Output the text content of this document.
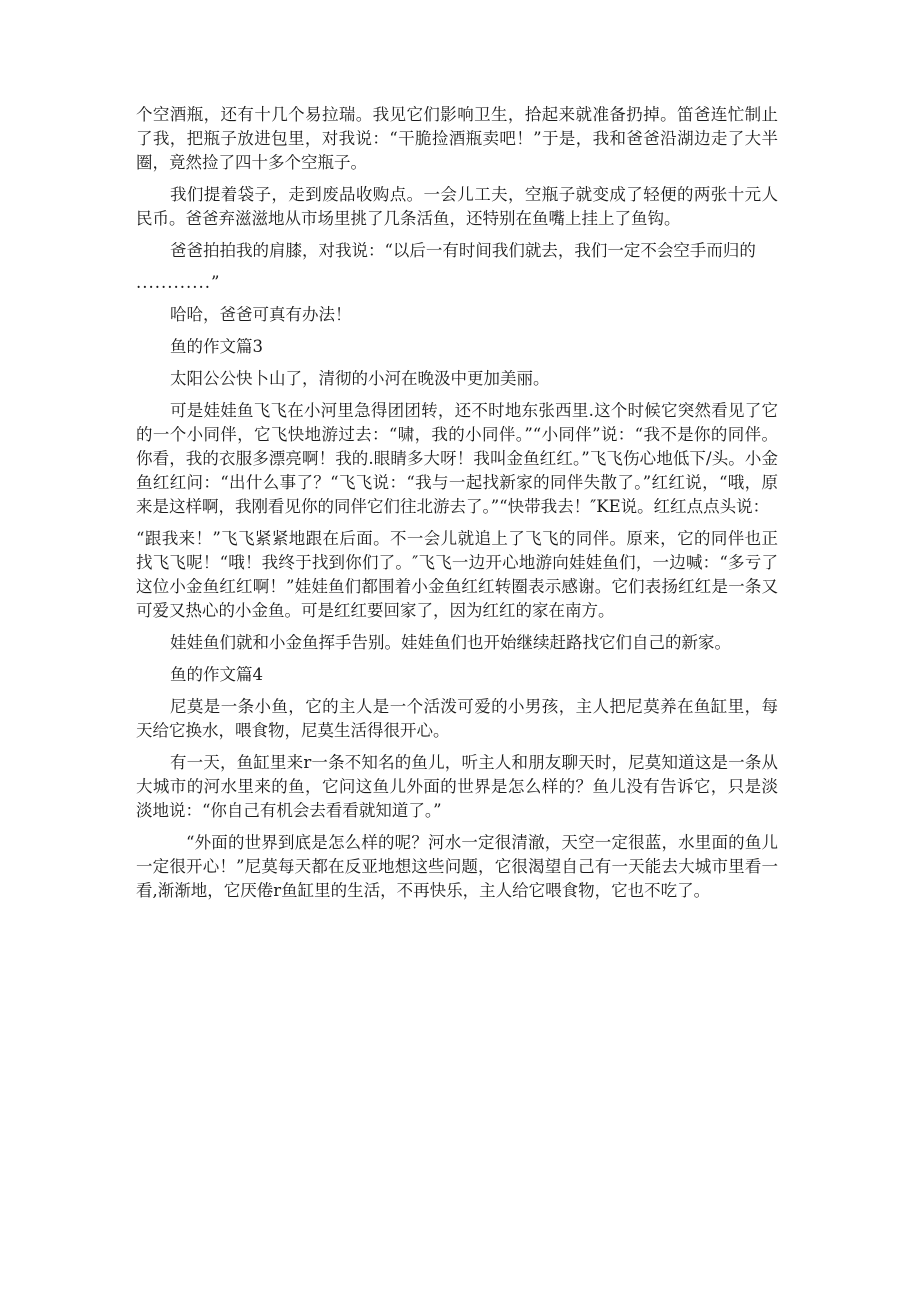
个空酒瓶，还有十几个易拉瑞。我见它们影响卫生，拾起来就准备扔掉。笛爸连忙制止了我，把瓶子放进包里，对我说：“干脆捡酒瓶卖吧！”于是，我和爸爸沿湖边走了大半圈，竟然捡了四十多个空瓶子。

我们提着袋子，走到废品收购点。一会儿工夫，空瓶子就变成了轻便的两张十元人民币。爸爸弃滋滋地从市场里挑了几条活鱼，还特别在鱼嘴上挂上了鱼钩。

爸爸拍拍我的肩膝，对我说：“以后一有时间我们就去，我们一定不会空手而归的

............”

哈哈，爸爸可真有办法！

鱼的作文篇3

太阳公公快卜山了，清彻的小河在晚汲中更加美丽。

可是娃娃鱼飞飞在小河里急得团团转，还不时地东张西里.这个时候它突然看见了它的一个小同伴，它飞快地游过去：“啸，我的小同伴。”“小同伴”说：“我不是你的同伴。你看，我的衣服多漂亮啊！我的.眼睛多大呀！我叫金鱼红红。”飞飞伤心地低下/头。小金鱼红红问：“出什么事了？“飞飞说：“我与一起找新家的同伴失散了。”红红说，“哦，原来是这样啊，我刚看见你的同伴它们往北游去了。”“快带我去！″KE说。红红点点头说：

“跟我来！”飞飞紧紧地跟在后面。不一会儿就追上了飞飞的同伴。原来，它的同伴也正找飞飞呢！“哦！我终于找到你们了。″飞飞一边开心地游向娃娃鱼们，一边喊：“多亏了这位小金鱼红红啊！”娃娃鱼们都围着小金鱼红红转圈表示感谢。它们表扬红红是一条又可爱又热心的小金鱼。可是红红要回家了，因为红红的家在南方。

娃娃鱼们就和小金鱼挥手告别。娃娃鱼们也开始继续赶路找它们自己的新家。

鱼的作文篇4

尼莫是一条小鱼，它的主人是一个活泼可爱的小男孩，主人把尼莫养在鱼缸里，每天给它换水，喂食物，尼莫生活得很开心。

有一天，鱼缸里来r一条不知名的鱼儿，听主人和朋友聊天时，尼莫知道这是一条从大城市的河水里来的鱼，它问这鱼儿外面的世界是怎么样的？鱼儿没有告诉它，只是淡淡地说：“你自己有机会去看看就知道了。”

“外面的世界到底是怎么样的呢？河水一定很清澈，天空一定很蓝，水里面的鱼儿一定很开心！”尼莫每天都在反亚地想这些问题，它很渴望自己有一天能去大城市里看一看,渐渐地，它厌倦r鱼缸里的生活，不再快乐，主人给它喂食物，它也不吃了。
